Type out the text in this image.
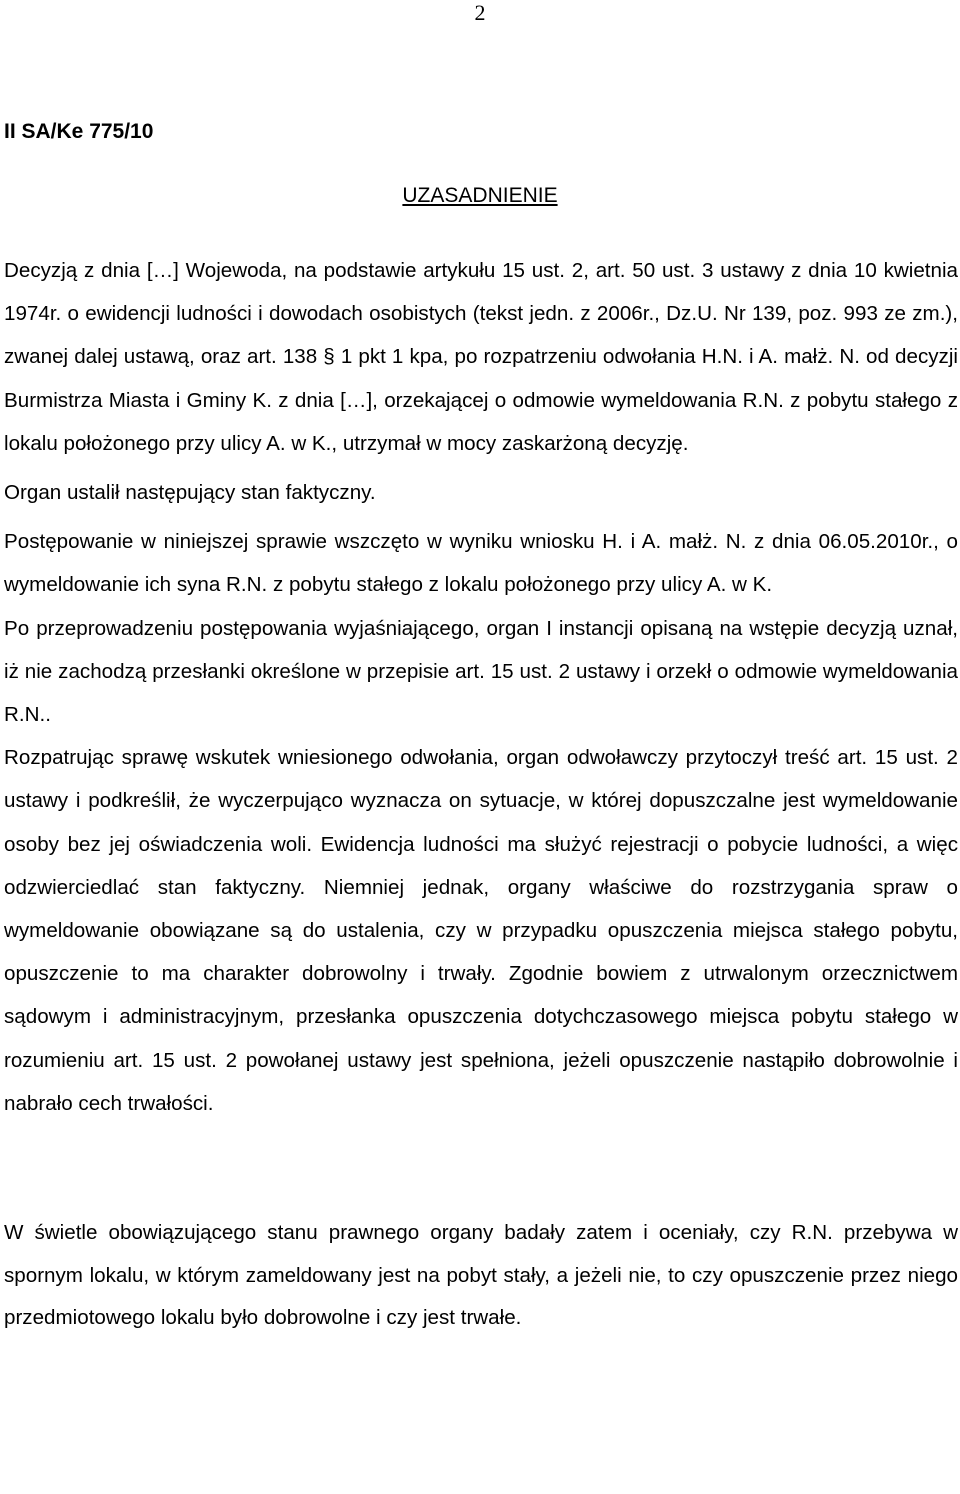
2
II SA/Ke 775/10
UZASADNIENIE

Decyzją z dnia […] Wojewoda, na podstawie artykułu 15 ust. 2, art. 50 ust. 3 ustawy z dnia 10 kwietnia 1974r. o ewidencji ludności i dowodach osobistych (tekst jedn. z 2006r., Dz.U. Nr 139, poz. 993 ze zm.), zwanej dalej ustawą, oraz art. 138 § 1 pkt 1 kpa, po rozpatrzeniu odwołania H.N. i A. małż. N. od decyzji Burmistrza Miasta i Gminy K. z dnia […], orzekającej o odmowie wymeldowania R.N. z pobytu stałego z lokalu położonego przy ulicy A. w K., utrzymał w mocy zaskarżoną decyzję.

Organ ustalił następujący stan faktyczny.

Postępowanie w niniejszej sprawie wszczęto w wyniku wniosku H. i A. małż. N. z dnia 06.05.2010r., o wymeldowanie ich syna R.N. z pobytu stałego z lokalu położonego przy ulicy A. w K.

Po przeprowadzeniu postępowania wyjaśniającego, organ I instancji opisaną na wstępie decyzją uznał, iż nie zachodzą przesłanki określone w przepisie art. 15 ust. 2 ustawy i orzekł o odmowie wymeldowania R.N..

Rozpatrując sprawę wskutek wniesionego odwołania, organ odwoławczy przytoczył treść art. 15 ust. 2 ustawy i podkreślił, że wyczerpująco wyznacza on sytuacje, w której dopuszczalne jest wymeldowanie osoby bez jej oświadczenia woli. Ewidencja ludności ma służyć rejestracji o pobycie ludności, a więc odzwierciedlać stan faktyczny. Niemniej jednak, organy właściwe do rozstrzygania spraw o wymeldowanie obowiązane są do ustalenia, czy w przypadku opuszczenia miejsca stałego pobytu, opuszczenie to ma charakter dobrowolny i trwały. Zgodnie bowiem z utrwalonym orzecznictwem sądowym i administracyjnym, przesłanka opuszczenia dotychczasowego miejsca pobytu stałego w rozumieniu art. 15 ust. 2 powołanej ustawy jest spełniona, jeżeli opuszczenie nastąpiło dobrowolnie i nabrało cech trwałości.

W świetle obowiązującego stanu prawnego organy badały zatem i oceniały, czy R.N. przebywa w spornym lokalu, w którym zameldowany jest na pobyt stały, a jeżeli nie, to czy opuszczenie przez niego przedmiotowego lokalu było dobrowolne i czy jest trwałe.
